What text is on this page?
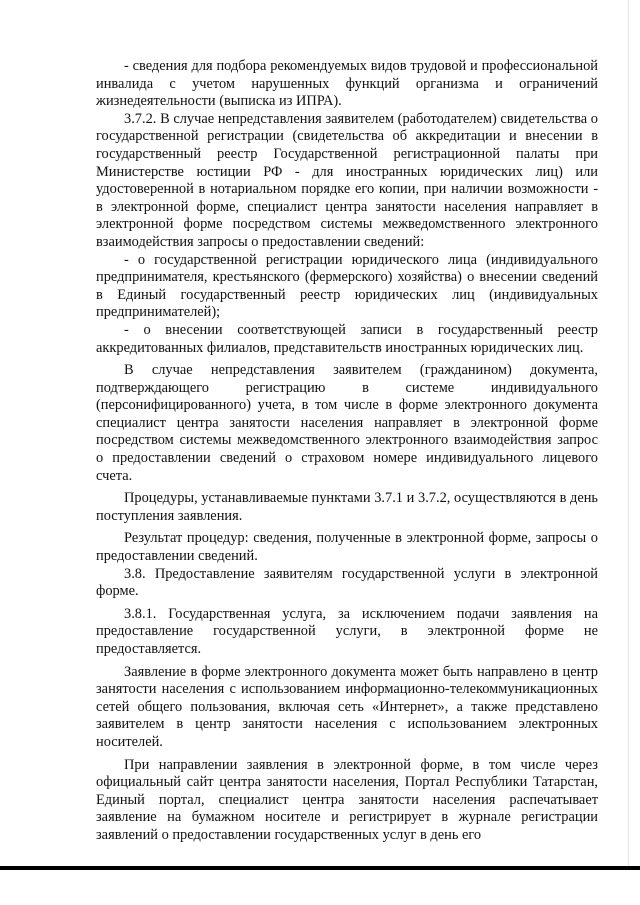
- сведения для подбора рекомендуемых видов трудовой и профессиональной инвалида с учетом нарушенных функций организма и ограничений жизнедеятельности (выписка из ИПРА).

3.7.2. В случае непредставления заявителем (работодателем) свидетельства о государственной регистрации (свидетельства об аккредитации и внесении в государственный реестр Государственной регистрационной палаты при Министерстве юстиции РФ - для иностранных юридических лиц) или удостоверенной в нотариальном порядке его копии, при наличии возможности - в электронной форме, специалист центра занятости населения направляет в электронной форме посредством системы межведомственного электронного взаимодействия запросы о предоставлении сведений:

- о государственной регистрации юридического лица (индивидуального предпринимателя, крестьянского (фермерского) хозяйства) о внесении сведений в Единый государственный реестр юридических лиц (индивидуальных предпринимателей);

- о внесении соответствующей записи в государственный реестр аккредитованных филиалов, представительств иностранных юридических лиц.

В случае непредставления заявителем (гражданином) документа, подтверждающего регистрацию в системе индивидуального (персонифицированного) учета, в том числе в форме электронного документа специалист центра занятости населения направляет в электронной форме посредством системы межведомственного электронного взаимодействия запрос о предоставлении сведений о страховом номере индивидуального лицевого счета.

Процедуры, устанавливаемые пунктами 3.7.1 и 3.7.2, осуществляются в день поступления заявления.

Результат процедур: сведения, полученные в электронной форме, запросы о предоставлении сведений.

3.8. Предоставление заявителям государственной услуги в электронной форме.

3.8.1. Государственная услуга, за исключением подачи заявления на предоставление государственной услуги, в электронной форме не предоставляется.

Заявление в форме электронного документа может быть направлено в центр занятости населения с использованием информационно-телекоммуникационных сетей общего пользования, включая сеть «Интернет», а также представлено заявителем в центр занятости населения с использованием электронных носителей.

При направлении заявления в электронной форме, в том числе через официальный сайт центра занятости населения, Портал Республики Татарстан, Единый портал, специалист центра занятости населения распечатывает заявление на бумажном носителе и регистрирует в журнале регистрации заявлений о предоставлении государственных услуг в день его
